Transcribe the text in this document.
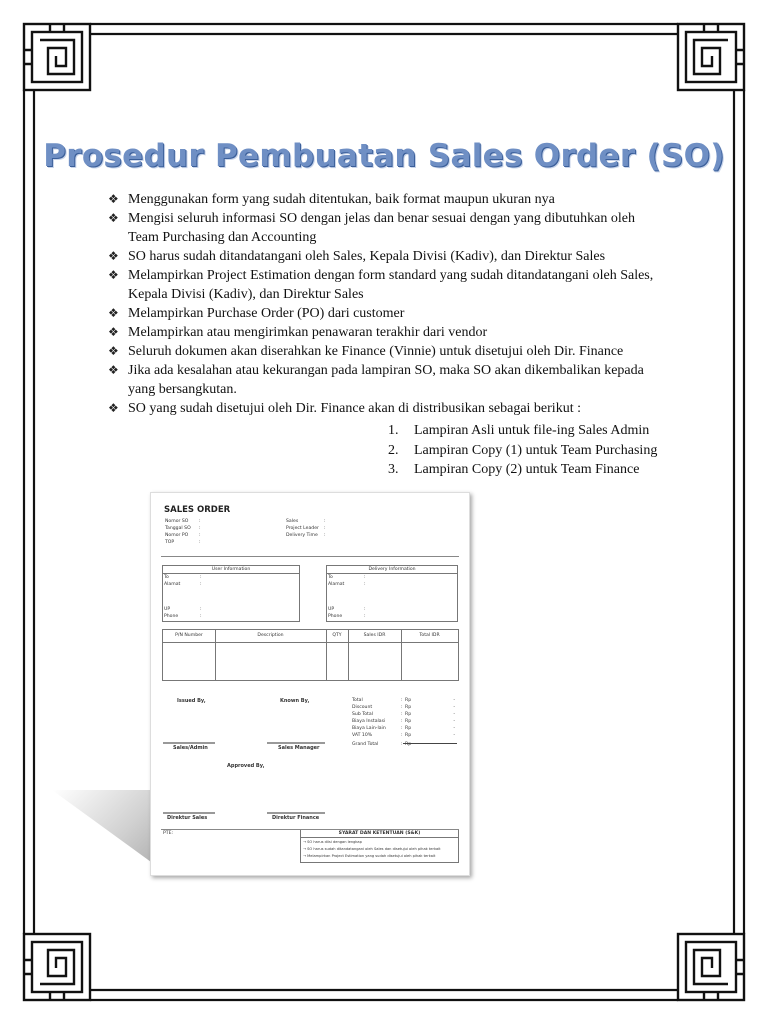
Prosedur Pembuatan Sales Order (SO)
❖ Menggunakan form yang sudah ditentukan, baik format maupun ukuran nya
❖ Mengisi seluruh informasi SO dengan jelas dan benar sesuai dengan yang dibutuhkan oleh
Team Purchasing dan Accounting
❖ SO harus sudah ditandatangani oleh Sales, Kepala Divisi (Kadiv), dan Direktur Sales
❖ Melampirkan Project Estimation dengan form standard yang sudah ditandatangani oleh Sales,
Kepala Divisi (Kadiv), dan Direktur Sales
❖ Melampirkan Purchase Order (PO) dari customer
❖ Melampirkan atau mengirimkan penawaran terakhir dari vendor
❖ Seluruh dokumen akan diserahkan ke Finance (Vinnie) untuk disetujui oleh Dir. Finance
❖ Jika ada kesalahan atau kekurangan pada lampiran SO, maka SO akan dikembalikan kepada
yang bersangkutan.
❖ SO yang sudah disetujui oleh Dir. Finance akan di distribusikan sebagai berikut :
1. Lampiran Asli untuk file-ing Sales Admin
2. Lampiran Copy (1) untuk Team Purchasing
3. Lampiran Copy (2) untuk Team Finance
SALES ORDER
Nomor SO :
Tanggal SO :
Nomor PO :
TOP	:
Sales	:
Project Leader :
Delivery Time :
User Information
To	:
Alamat	:
UP	:
Phone	:
Delivery Information
To	:
Alamat	:
UP	:
Phone	:
P/N Number	Description	QTY	Sales IDR	Total IDR
Issued By,	Known By,	Total	: Rp	-
Discount	: Rp	-
Sub Total	: Rp	-
Biaya Instalasi	: Rp	-
Biaya Lain-lain	: Rp	-
VAT 10%	: Rp	-
Grand Total	: Rp	-
Sales/Admin	Sales Manager
Approved By,
Direktur Sales	Direktur Finance
PTE:	SYARAT DAN KETENTUAN (S&K)
→ SO harus diisi dengan lengkap
→ SO harus sudah ditandatangani oleh Sales dan disetujui oleh pihak terkait
→ Melampirkan Project Estimation yang sudah disetujui oleh pihak terkait
